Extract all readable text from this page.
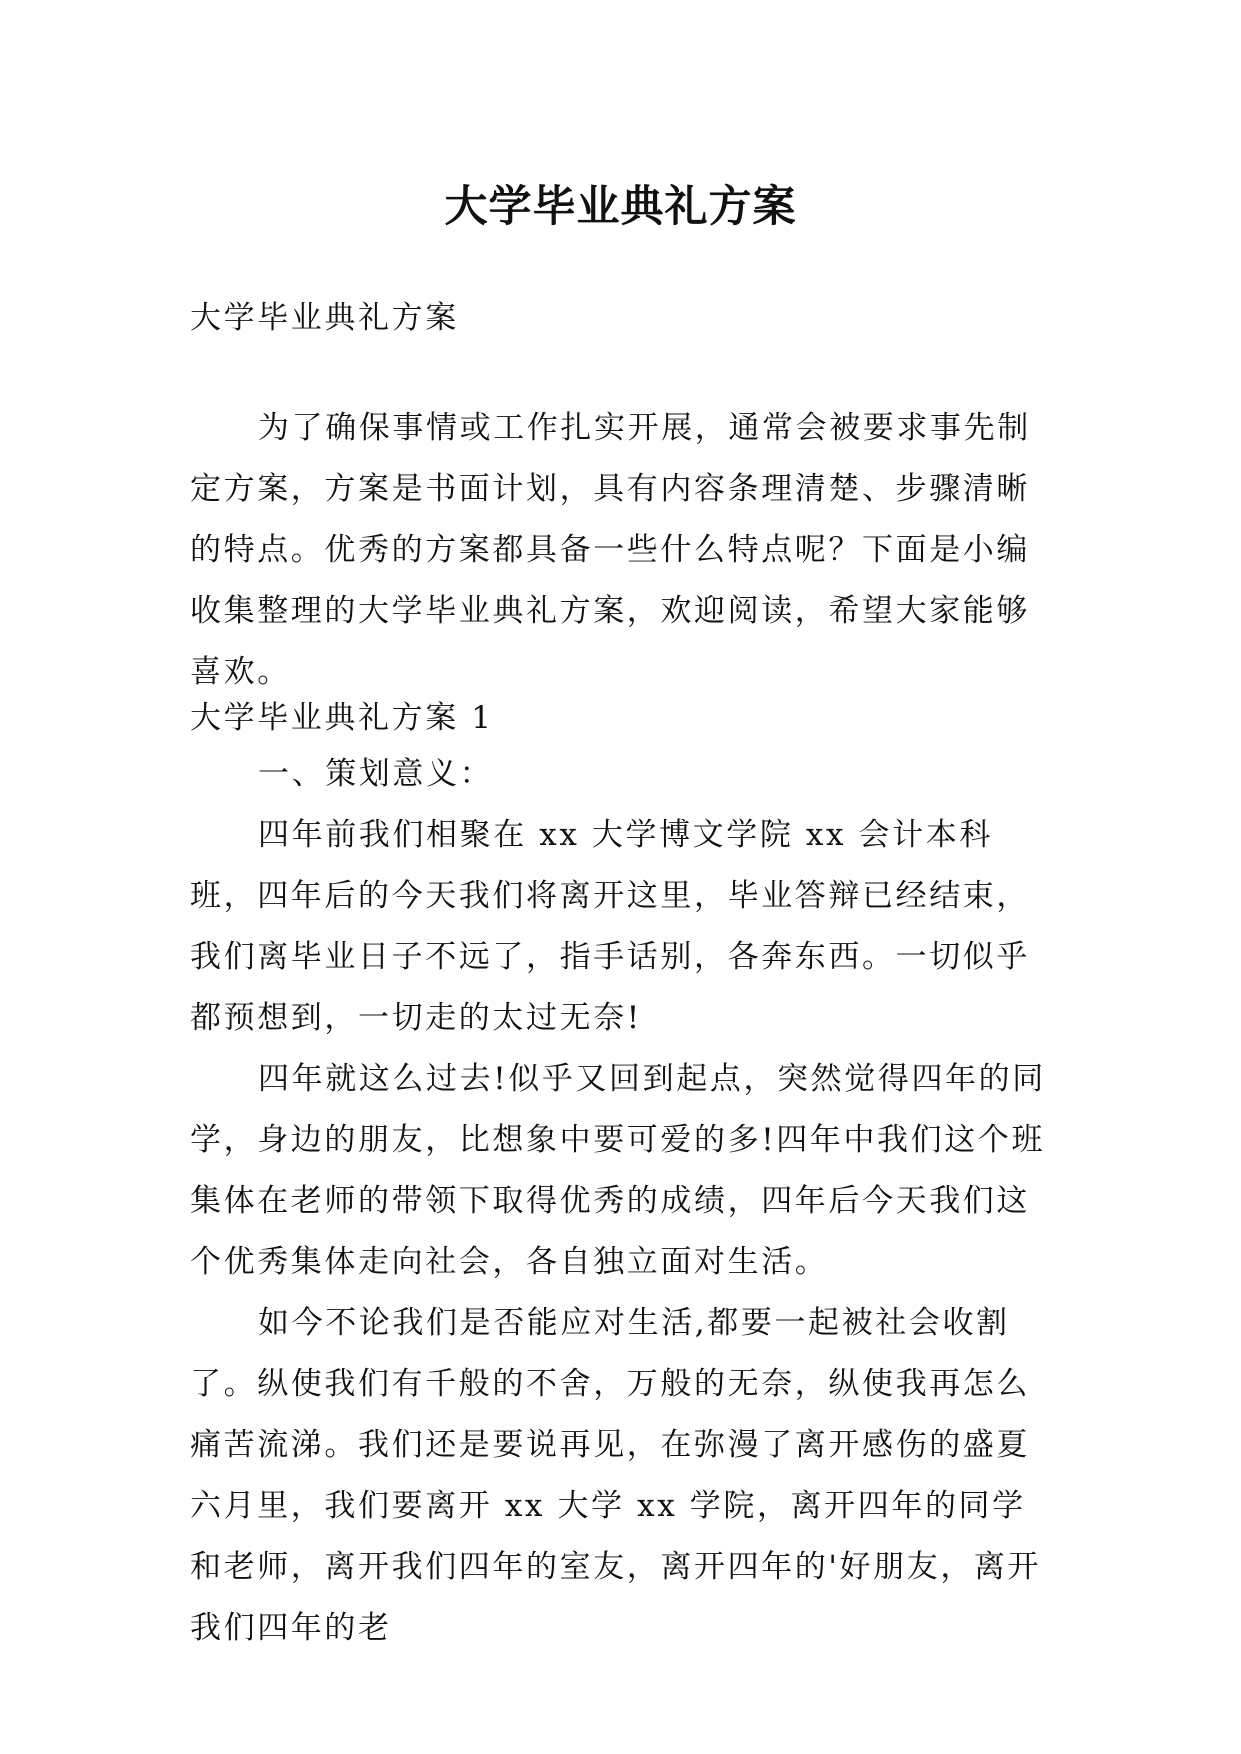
大学毕业典礼方案
大学毕业典礼方案

为了确保事情或工作扎实开展，通常会被要求事先制定方案，方案是书面计划，具有内容条理清楚、步骤清晰的特点。优秀的方案都具备一些什么特点呢？下面是小编收集整理的大学毕业典礼方案，欢迎阅读，希望大家能够喜欢。

大学毕业典礼方案 1

一、策划意义：

四年前我们相聚在 xx 大学博文学院 xx 会计本科班，四年后的今天我们将离开这里，毕业答辩已经结束，我们离毕业日子不远了，指手话别，各奔东西。一切似乎都预想到，一切走的太过无奈!

四年就这么过去!似乎又回到起点，突然觉得四年的同学，身边的朋友，比想象中要可爱的多!四年中我们这个班集体在老师的带领下取得优秀的成绩，四年后今天我们这个优秀集体走向社会，各自独立面对生活。

如今不论我们是否能应对生活,都要一起被社会收割了。纵使我们有千般的不舍，万般的无奈，纵使我再怎么痛苦流涕。我们还是要说再见，在弥漫了离开感伤的盛夏六月里，我们要离开 xx 大学 xx 学院，离开四年的同学和老师，离开我们四年的室友，离开四年的'好朋友，离开我们四年的老
